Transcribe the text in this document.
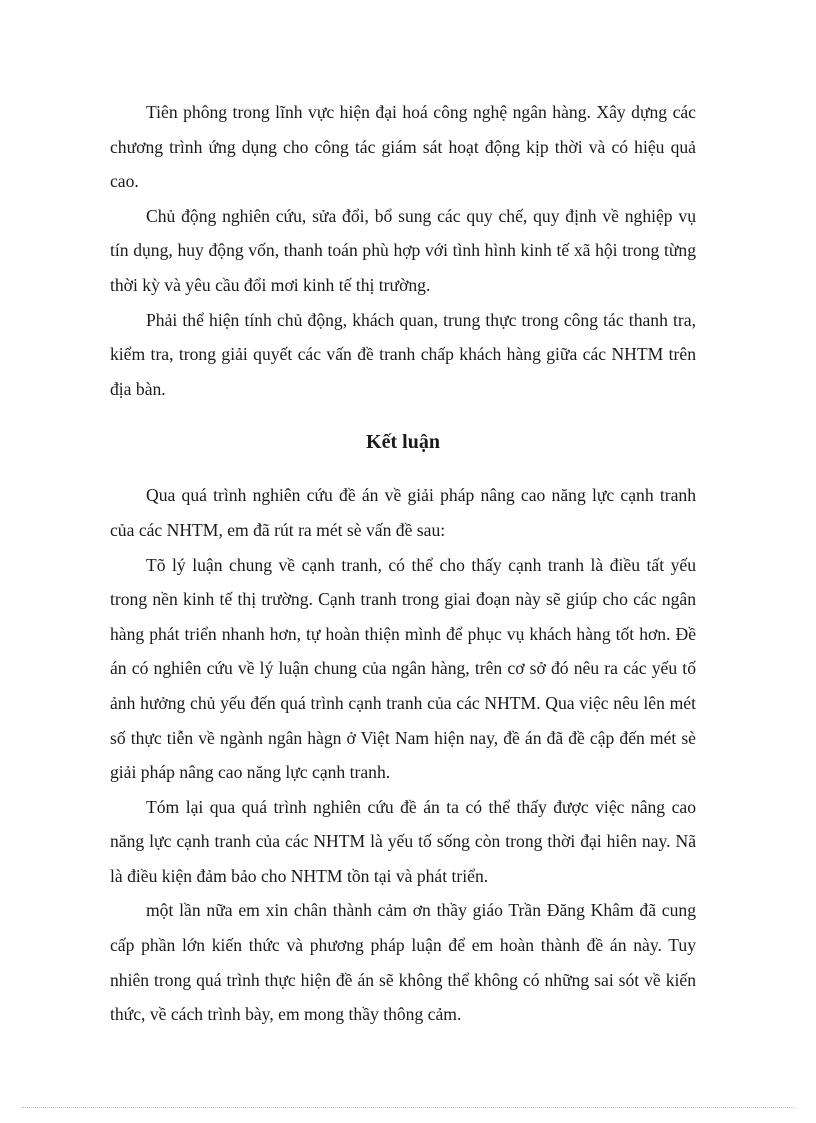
Tiên phông trong lĩnh vực hiện đại hoá công nghệ ngân hàng. Xây dựng các chương trình ứng dụng cho công tác giám sát hoạt động kịp thời và có hiệu quả cao.

Chủ động nghiên cứu, sửa đổi, bổ sung các quy chế, quy định về nghiệp vụ tín dụng, huy động vốn, thanh toán phù hợp với tình hình kinh tế xã hội trong từng thời kỳ và yêu cầu đổi mơi kinh tế thị trường.

Phải thể hiện tính chủ động, khách quan, trung thực trong công tác thanh tra, kiểm tra, trong giải quyết các vấn đề tranh chấp khách hàng giữa các NHTM trên địa bàn.

Kết luận

Qua quá trình nghiên cứu đề án về giải pháp nâng cao năng lực cạnh tranh của các NHTM, em đã rút ra mét sè vấn đề sau:

Tõ lý luận chung về cạnh tranh, có thể cho thấy cạnh tranh là điều tất yếu trong nền kinh tế thị trường. Cạnh tranh trong giai đoạn này sẽ giúp cho các ngân hàng phát triển nhanh hơn, tự hoàn thiện mình để phục vụ khách hàng tốt hơn. Đề án có nghiên cứu về lý luận chung của ngân hàng, trên cơ sở đó nêu ra các yếu tố ảnh hưởng chủ yếu đến quá trình cạnh tranh của các NHTM. Qua việc nêu lên mét số thực tiễn về ngành ngân hàgn ở Việt Nam hiện nay, đề án đã đề cập đến mét sè giải pháp nâng cao năng lực cạnh tranh.

Tóm lại qua quá trình nghiên cứu đề án ta có thể thấy được việc nâng cao năng lực cạnh tranh của các NHTM là yếu tố sống còn trong thời đại hiên nay. Nã là điều kiện đảm bảo cho NHTM tồn tại và phát triển.

một lần nữa em xin chân thành cảm ơn thầy giáo Trần Đăng Khâm đã cung cấp phần lớn kiến thức và phương pháp luận để em hoàn thành đề án này. Tuy nhiên trong quá trình thực hiện đề án sẽ không thể không có những sai sót về kiến thức, về cách trình bày, em mong thầy thông cảm.
